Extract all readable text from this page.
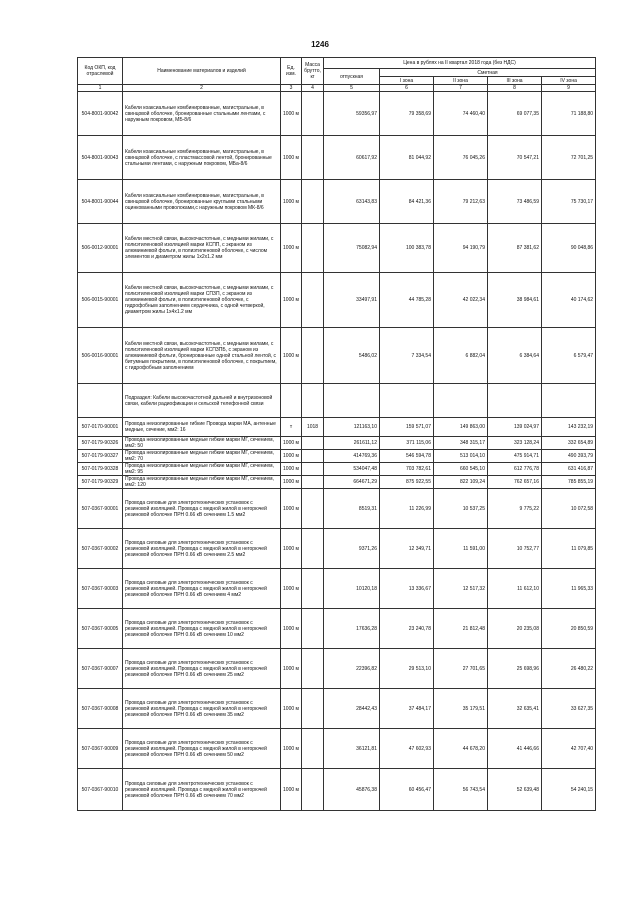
1246
Код ОКП, код отраслевой	Наименование материалов и изделий	Ед. изм.	Масса брутто, кг	Цена в рублях на II квартал 2018 года (без НДС)				
				отпускная	Сметная			
					I зона	II зона	III зона	IV зона
1	2	3	4	5	6	7	8	9
504-8001-90042	Кабели коаксиальные комбинированные, магистральные, в свинцовой оболочке, бронированные стальными лентами, с наружным покровом, МБ-8/6	1000 м		59356,97	79 358,69	74 460,40	69 077,35	71 188,80
504-8001-90043	Кабели коаксиальные комбинированные, магистральные, в свинцовой оболочке, с пластмассовой лентой, бронированные стальными лентами, с наружным покровом, МБа-8/6	1000 м		60617,92	81 044,92	76 045,26	70 547,21	72 701,25
504-8001-90044	Кабели коаксиальные комбинированные, магистральные, в свинцовой оболочке, бронированные круглыми стальными оцинкованными проволоками,с наружным покровом МК-8/6	1000 м		63143,83	84 421,36	79 212,63	73 486,59	75 730,17
506-0012-90001	Кабели местной связи, высокочастотные, с медными жилами, с полиэтиленовой изоляцией марки КСПП, с экраном из алюминиевой фольги, в полиэтиленовой оболочке, с числом элементов и диаметром жилы 1х2х1.2 мм	1000 м		75082,94	100 383,78	94 190,79	87 381,62	90 048,86
506-0015-90001	Кабели местной связи, высокочастотные, с медными жилами, с полиэтиленовой изоляцией марки СПЗП, с экраном из алюминиевой фольги, в полиэтиленовой оболочке, с гидрофобным заполнением сердечника, с одной четверкой, диаметром жилы 1х4х1.2 мм	1000 м		33497,91	44 785,28	42 022,34	38 984,61	40 174,62
506-0016-90001	Кабели местной связи, высокочастотные, с медными жилами, с полиэтиленовой изоляцией марки КСПЗПБ, с экраном из алюминиевой фольги, бронированные одной стальной лентой, с битумным покрытием, в полиэтиленовой оболочке, с покрытием, с гидрофобным заполнением	1000 м		5486,02	7 334,54	6 882,04	6 384,64	6 579,47
	Подраздел: Кабели высокочастотной дальней и внутризоновой связи, кабели радиофикации и сельской телефонной связи							
507-0170-90001	Провода неизолированные гибкие Провода марки МА, антенные медные, сечение, мм2: 16	т	1018	121163,10	159 571,07	149 863,00	139 024,97	143 232,19
507-0179-90326	Провода неизолированные медные гибкие марки МГ, сечением, мм2: 50	1000 м		261611,12	371 115,06	348 315,17	323 128,24	332 654,89
507-0179-90327	Провода неизолированные медные гибкие марки МГ, сечением, мм2: 70	1000 м		414769,36	546 594,78	513 014,10	475 914,71	490 393,79
507-0179-90328	Провода неизолированные медные гибкие марки МГ, сечением, мм2: 95	1000 м		534047,48	703 782,61	660 545,10	612 776,78	631 416,87
507-0179-90329	Провода неизолированные медные гибкие марки МГ, сечением, мм2: 120	1000 м		664671,29	875 922,55	822 109,24	762 657,16	785 855,19
507-0367-90001	Провода силовые для электротехнических установок с резиновой изоляцией. Провода с медной жилой в негорючей резиновой оболочке ПРН 0.66 кВ сечением 1.5 мм2	1000 м		8519,31	11 226,99	10 537,25	9 775,22	10 072,58
507-0367-90002	Провода силовые для электротехнических установок с резиновой изоляцией. Провода с медной жилой в негорючей резиновой оболочке ПРН 0.66 кВ сечением 2.5 мм2	1000 м		9371,26	12 349,71	11 591,00	10 752,77	11 079,85
507-0367-90003	Провода силовые для электротехнических установок с резиновой изоляцией. Провода с медной жилой в негорючей резиновой оболочке ПРН 0.66 кВ сечением 4 мм2	1000 м		10120,18	13 336,67	12 517,32	11 612,10	11 965,33
507-0367-90005	Провода силовые для электротехнических установок с резиновой изоляцией. Провода с медной жилой в негорючей резиновой оболочке ПРН 0.66 кВ сечением 10 мм2	1000 м		17636,28	23 240,78	21 812,48	20 235,08	20 850,59
507-0367-90007	Провода силовые для электротехнических установок с резиновой изоляцией. Провода с медной жилой в негорючей резиновой оболочке ПРН 0.66 кВ сечением 25 мм2	1000 м		22396,82	29 513,10	27 701,65	25 698,96	26 480,22
507-0367-90008	Провода силовые для электротехнических установок с резиновой изоляцией. Провода с медной жилой в негорючей резиновой оболочке ПРН 0.66 кВ сечением 35 мм2	1000 м		28442,43	37 484,17	35 179,51	32 635,41	33 627,35
507-0367-90009	Провода силовые для электротехнических установок с резиновой изоляцией. Провода с медной жилой в негорючей резиновой оболочке ПРН 0.66 кВ сечением 50 мм2	1000 м		36121,81	47 602,93	44 678,20	41 446,66	42 707,40
507-0367-90010	Провода силовые для электротехнических установок с резиновой изоляцией. Провода с медной жилой в негорючей резиновой оболочке ПРН 0.66 кВ сечением 70 мм2	1000 м		45876,38	60 456,47	56 743,54	52 639,48	54 240,15
